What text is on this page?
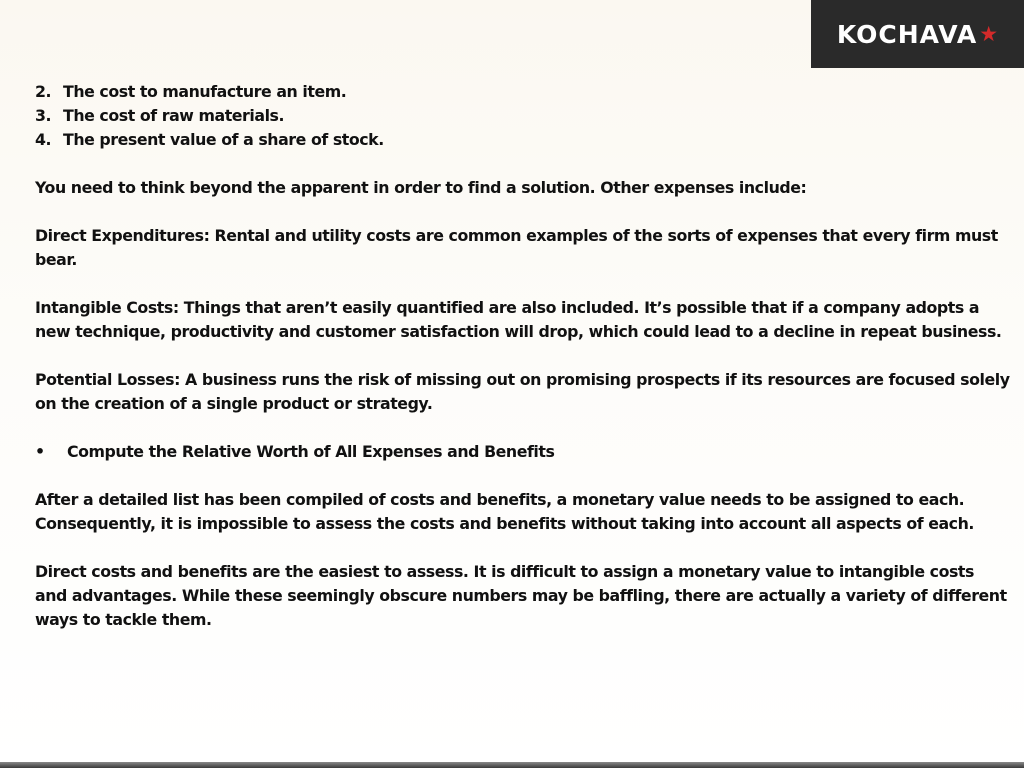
KOCHAVA ★
2. The cost to manufacture an item.
3. The cost of raw materials.
4. The present value of a share of stock.

You need to think beyond the apparent in order to find a solution. Other expenses include:

Direct Expenditures: Rental and utility costs are common examples of the sorts of expenses that every firm must bear.

Intangible Costs: Things that aren’t easily quantified are also included. It’s possible that if a company adopts a new technique, productivity and customer satisfaction will drop, which could lead to a decline in repeat business.

Potential Losses: A business runs the risk of missing out on promising prospects if its resources are focused solely on the creation of a single product or strategy.

•	Compute the Relative Worth of All Expenses and Benefits

After a detailed list has been compiled of costs and benefits, a monetary value needs to be assigned to each. Consequently, it is impossible to assess the costs and benefits without taking into account all aspects of each.

Direct costs and benefits are the easiest to assess. It is difficult to assign a monetary value to intangible costs and advantages. While these seemingly obscure numbers may be baffling, there are actually a variety of different ways to tackle them.
